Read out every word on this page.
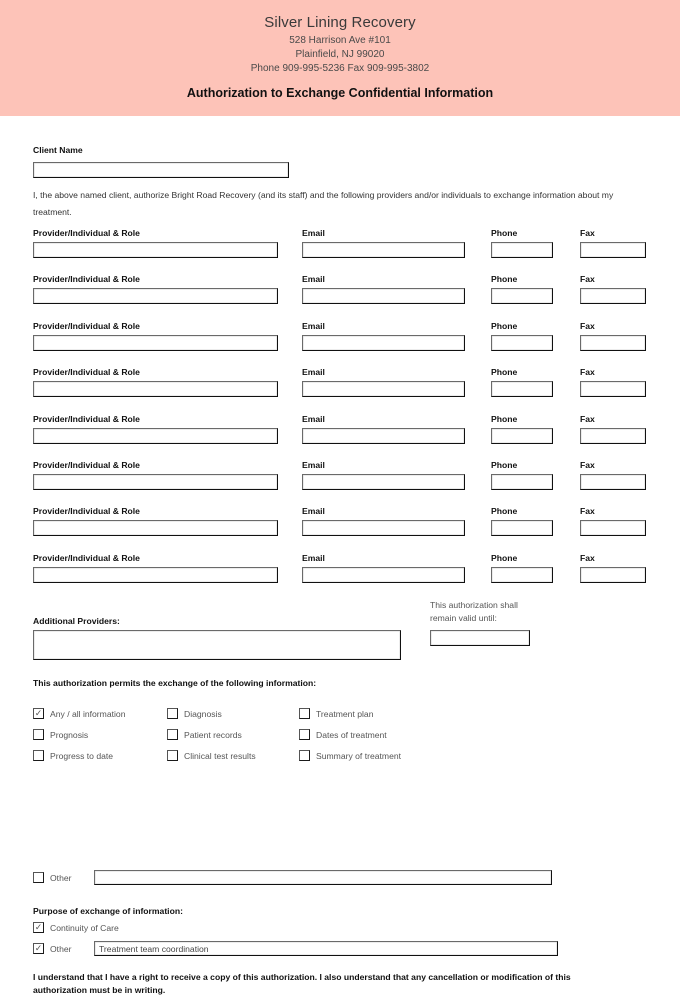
Silver Lining Recovery
528 Harrison Ave #101
Plainfield, NJ 99020
Phone 909-995-5236 Fax 909-995-3802
Authorization to Exchange Confidential Information
Client Name
I, the above named client, authorize Bright Road Recovery (and its staff) and the following providers and/or individuals to exchange information about my treatment.
Provider/Individual & Role	Email	Phone	Fax
Provider/Individual & Role	Email	Phone	Fax
Provider/Individual & Role	Email	Phone	Fax
Provider/Individual & Role	Email	Phone	Fax
Provider/Individual & Role	Email	Phone	Fax
Provider/Individual & Role	Email	Phone	Fax
Provider/Individual & Role	Email	Phone	Fax
Provider/Individual & Role	Email	Phone	Fax
Additional Providers:
This authorization shall
remain valid until:
This authorization permits the exchange of the following information:
✓ Any / all information	Diagnosis	Treatment plan
Prognosis	Patient records	Dates of treatment
Progress to date	Clinical test results	Summary of treatment
Other
Purpose of exchange of information:
✓ Continuity of Care
✓ Other	Treatment team coordination
I understand that I have a right to receive a copy of this authorization. I also understand that any cancellation or modification of this
authorization must be in writing.
